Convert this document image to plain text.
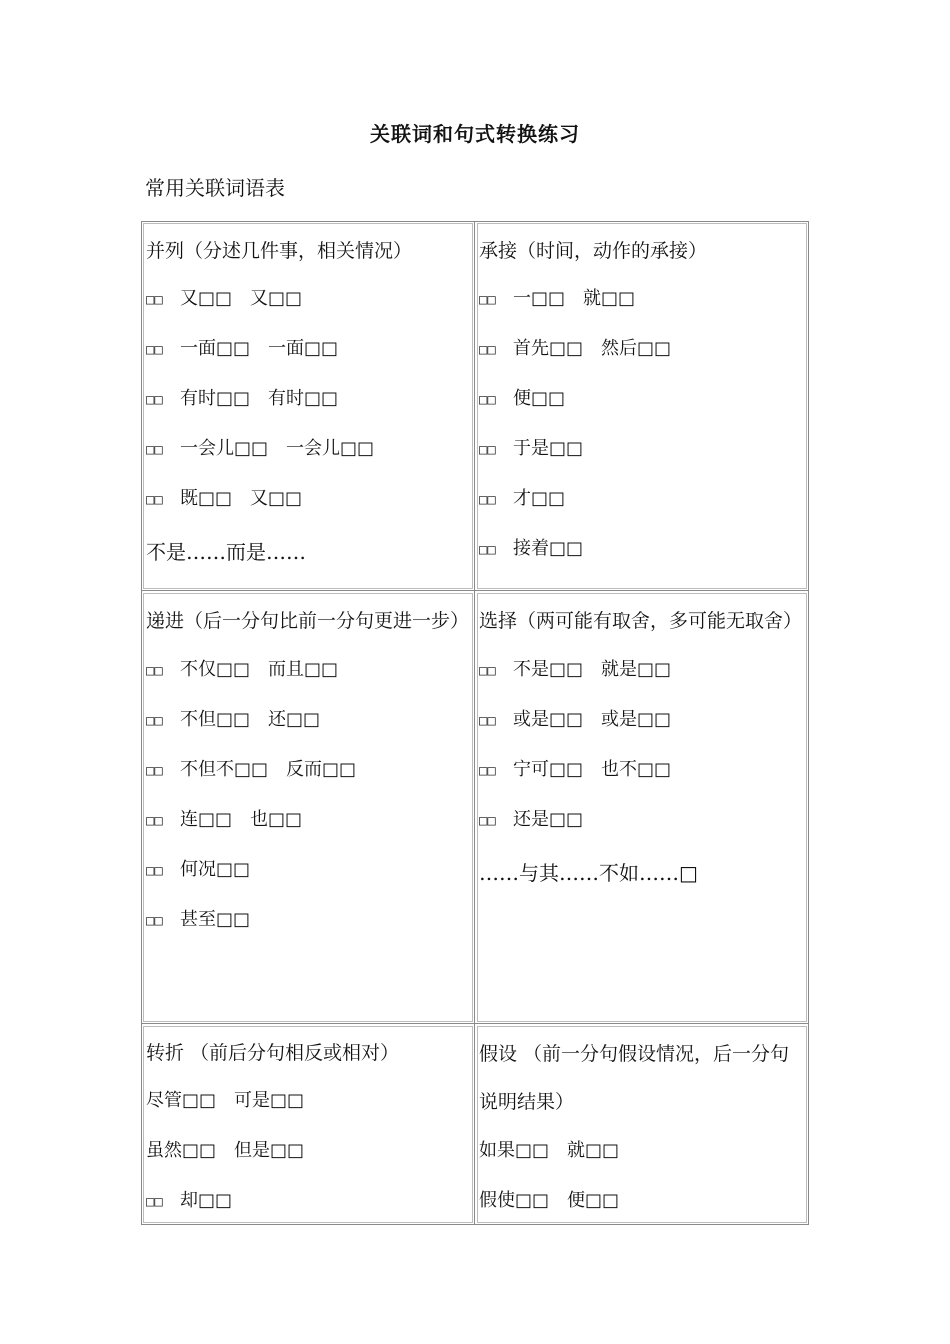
关联词和句式转换练习
常用关联词语表
并列（分述几件事，相关情况）
□□ 又□□ 又□□
□□ 一面□□ 一面□□
□□ 有时□□ 有时□□
□□ 一会儿□□ 一会儿□□
□□ 既□□ 又□□
不是……而是……
承接（时间，动作的承接）
□□ 一□□ 就□□
□□ 首先□□ 然后□□
□□ 便□□
□□ 于是□□
□□ 才□□
□□ 接着□□
递进（后一分句比前一分句更进一步）
□□ 不仅□□ 而且□□
□□ 不但□□ 还□□
□□ 不但不□□ 反而□□
□□ 连□□ 也□□
□□ 何况□□
□□ 甚至□□
选择（两可能有取舍，多可能无取舍）
□□ 不是□□ 就是□□
□□ 或是□□ 或是□□
□□ 宁可□□ 也不□□
□□ 还是□□
……与其……不如……□
转折 （前后分句相反或相对）
尽管□□ 可是□□
虽然□□ 但是□□
□□ 却□□
假设 （前一分句假设情况，后一分句说明结果）
如果□□ 就□□
假使□□ 便□□
